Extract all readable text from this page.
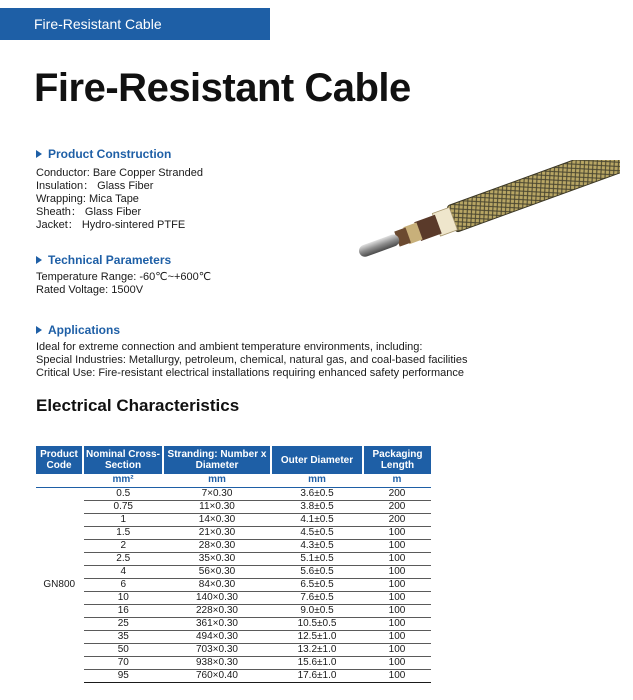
Fire-Resistant Cable
Fire-Resistant Cable
Product Construction
Conductor: Bare Copper Stranded
Insulation： Glass Fiber
Wrapping: Mica Tape
Sheath： Glass Fiber
Jacket： Hydro-sintered PTFE
Technical Parameters
Temperature Range: -60℃~+600℃
Rated Voltage: 1500V
Applications
Ideal for extreme connection and ambient temperature environments, including:
Special Industries: Metallurgy, petroleum, chemical, natural gas, and coal-based facilities
Critical Use: Fire-resistant electrical installations requiring enhanced safety performance
Electrical Characteristics
Product Code	Nominal Cross-Section	Stranding: Number x Diameter	Outer Diameter	Packaging Length
	mm²	mm	mm	m
GN800	0.5	7×0.30	3.6±0.5	200
	0.75	11×0.30	3.8±0.5	200
	1	14×0.30	4.1±0.5	200
	1.5	21×0.30	4.5±0.5	100
	2	28×0.30	4.3±0.5	100
	2.5	35×0.30	5.1±0.5	100
	4	56×0.30	5.6±0.5	100
	6	84×0.30	6.5±0.5	100
	10	140×0.30	7.6±0.5	100
	16	228×0.30	9.0±0.5	100
	25	361×0.30	10.5±0.5	100
	35	494×0.30	12.5±1.0	100
	50	703×0.30	13.2±1.0	100
	70	938×0.30	15.6±1.0	100
	95	760×0.40	17.6±1.0	100
